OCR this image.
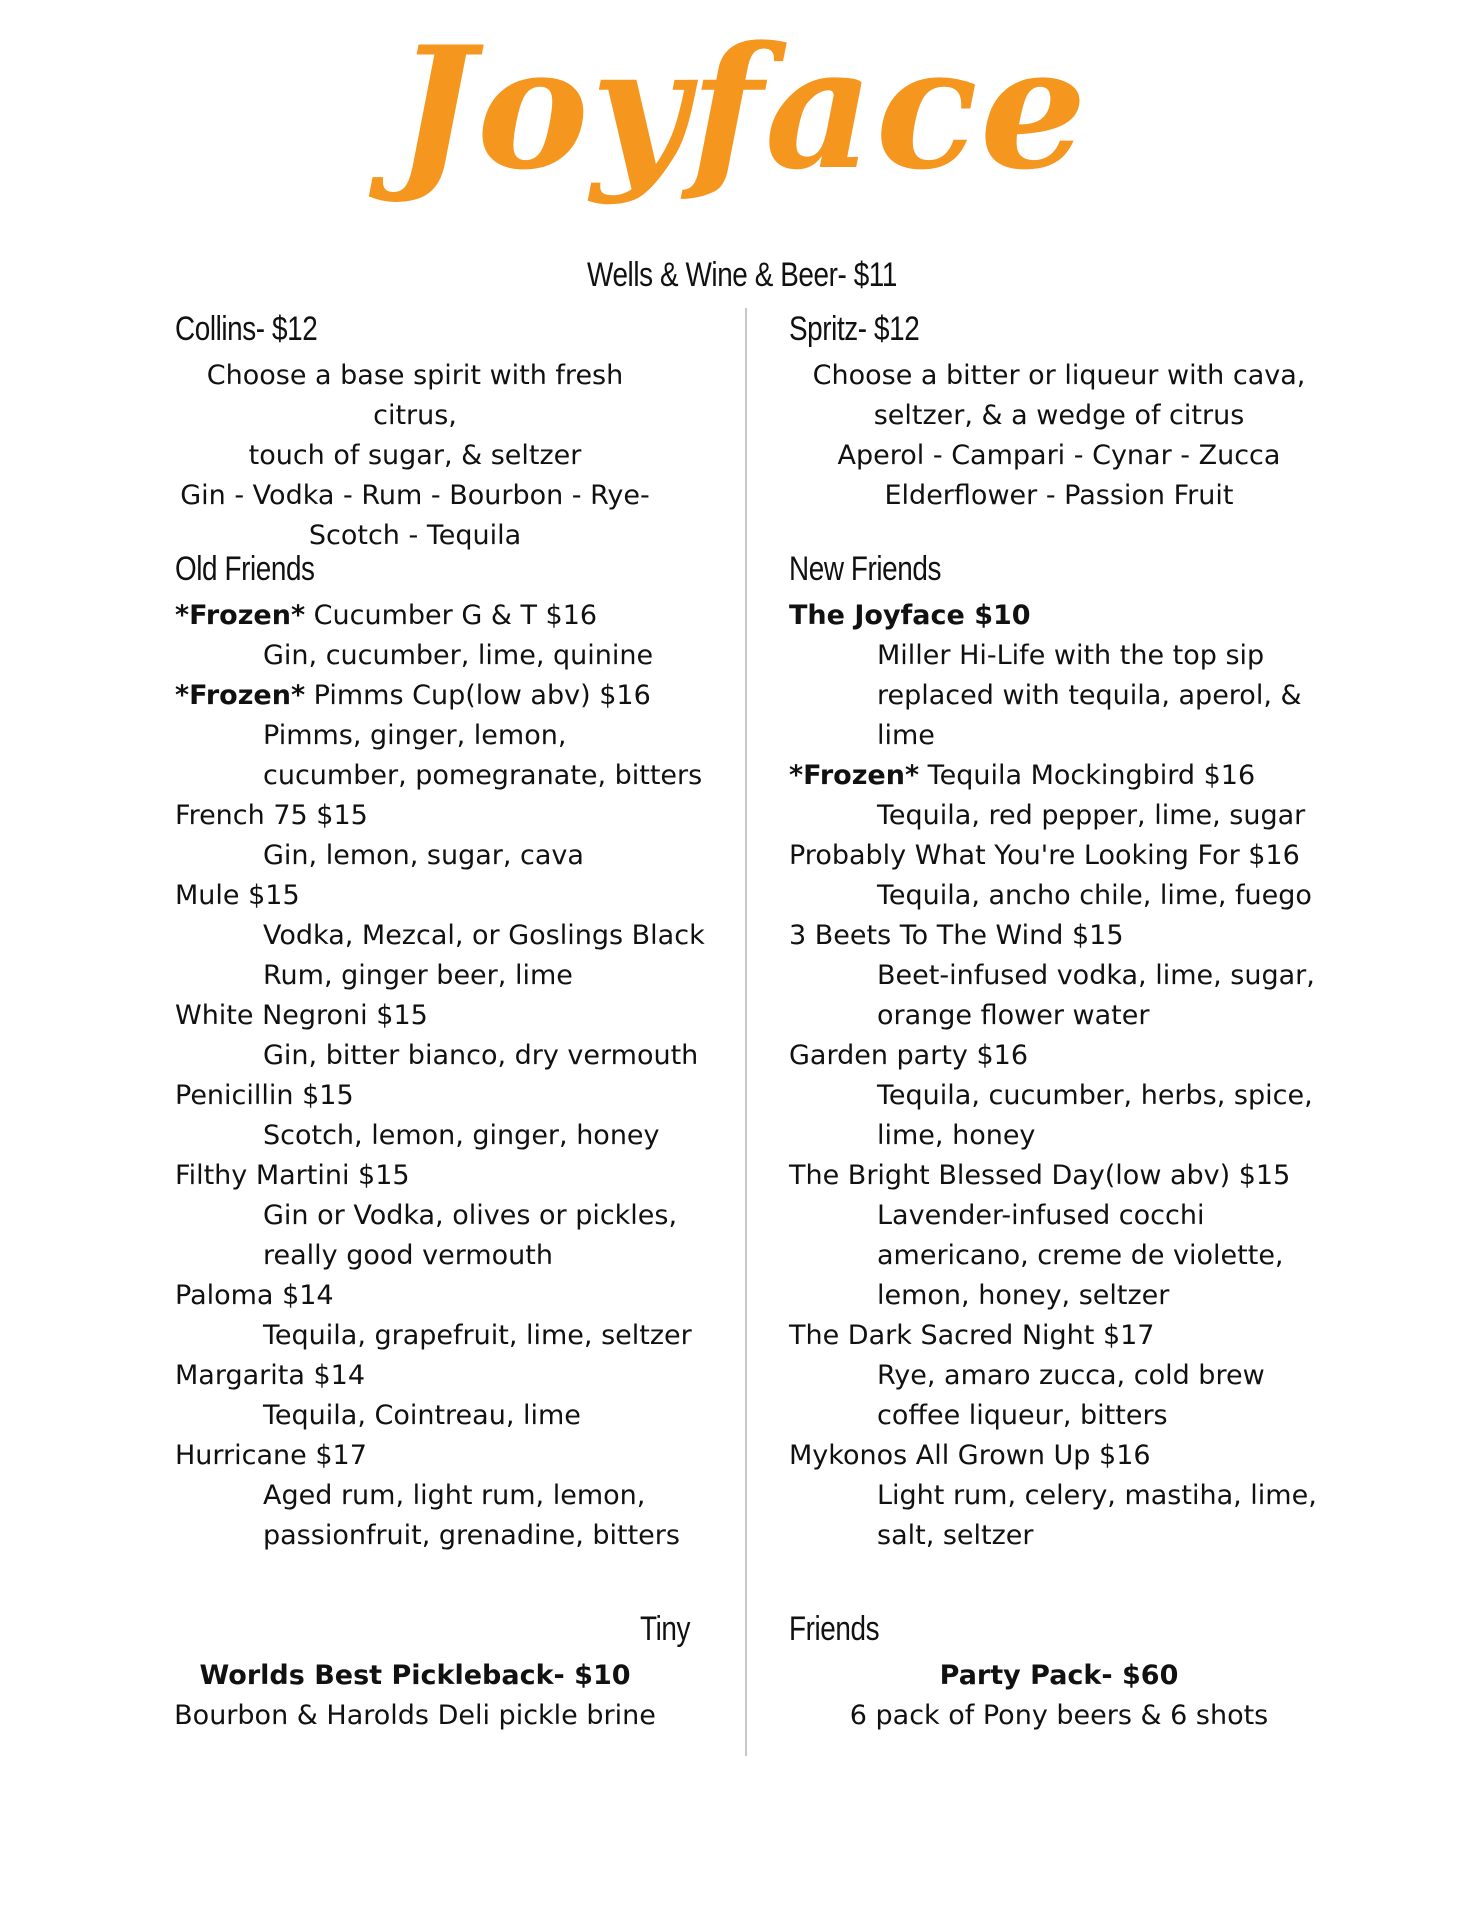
Joyface
Wells & Wine & Beer- $11
Collins- $12
Choose a base spirit with fresh citrus,
touch of sugar, & seltzer
Gin - Vodka - Rum - Bourbon - Rye-
Scotch - Tequila
Old Friends
*Frozen* Cucumber G & T $16
Gin, cucumber, lime, quinine
*Frozen* Pimms Cup(low abv) $16
Pimms, ginger, lemon, cucumber, pomegranate, bitters
French 75 $15
Gin, lemon, sugar, cava
Mule $15
Vodka, Mezcal, or Goslings Black Rum, ginger beer, lime
White Negroni $15
Gin, bitter bianco, dry vermouth
Penicillin $15
Scotch, lemon, ginger, honey
Filthy Martini $15
Gin or Vodka, olives or pickles, really good vermouth
Paloma $14
Tequila, grapefruit, lime, seltzer
Margarita $14
Tequila, Cointreau, lime
Hurricane $17
Aged rum, light rum, lemon, passionfruit, grenadine, bitters
Tiny
Worlds Best Pickleback- $10
Bourbon & Harolds Deli pickle brine
Spritz- $12
Choose a bitter or liqueur with cava,
seltzer, & a wedge of citrus
Aperol - Campari - Cynar - Zucca
Elderflower - Passion Fruit
New Friends
The Joyface $10
Miller Hi-Life with the top sip replaced with tequila, aperol, & lime
*Frozen* Tequila Mockingbird $16
Tequila, red pepper, lime, sugar
Probably What You're Looking For $16
Tequila, ancho chile, lime, fuego
3 Beets To The Wind $15
Beet-infused vodka, lime, sugar, orange flower water
Garden party $16
Tequila, cucumber, herbs, spice, lime, honey
The Bright Blessed Day(low abv) $15
Lavender-infused cocchi americano, creme de violette, lemon, honey, seltzer
The Dark Sacred Night $17
Rye, amaro zucca, cold brew coffee liqueur, bitters
Mykonos All Grown Up $16
Light rum, celery, mastiha, lime, salt, seltzer
Friends
Party Pack- $60
6 pack of Pony beers & 6 shots
